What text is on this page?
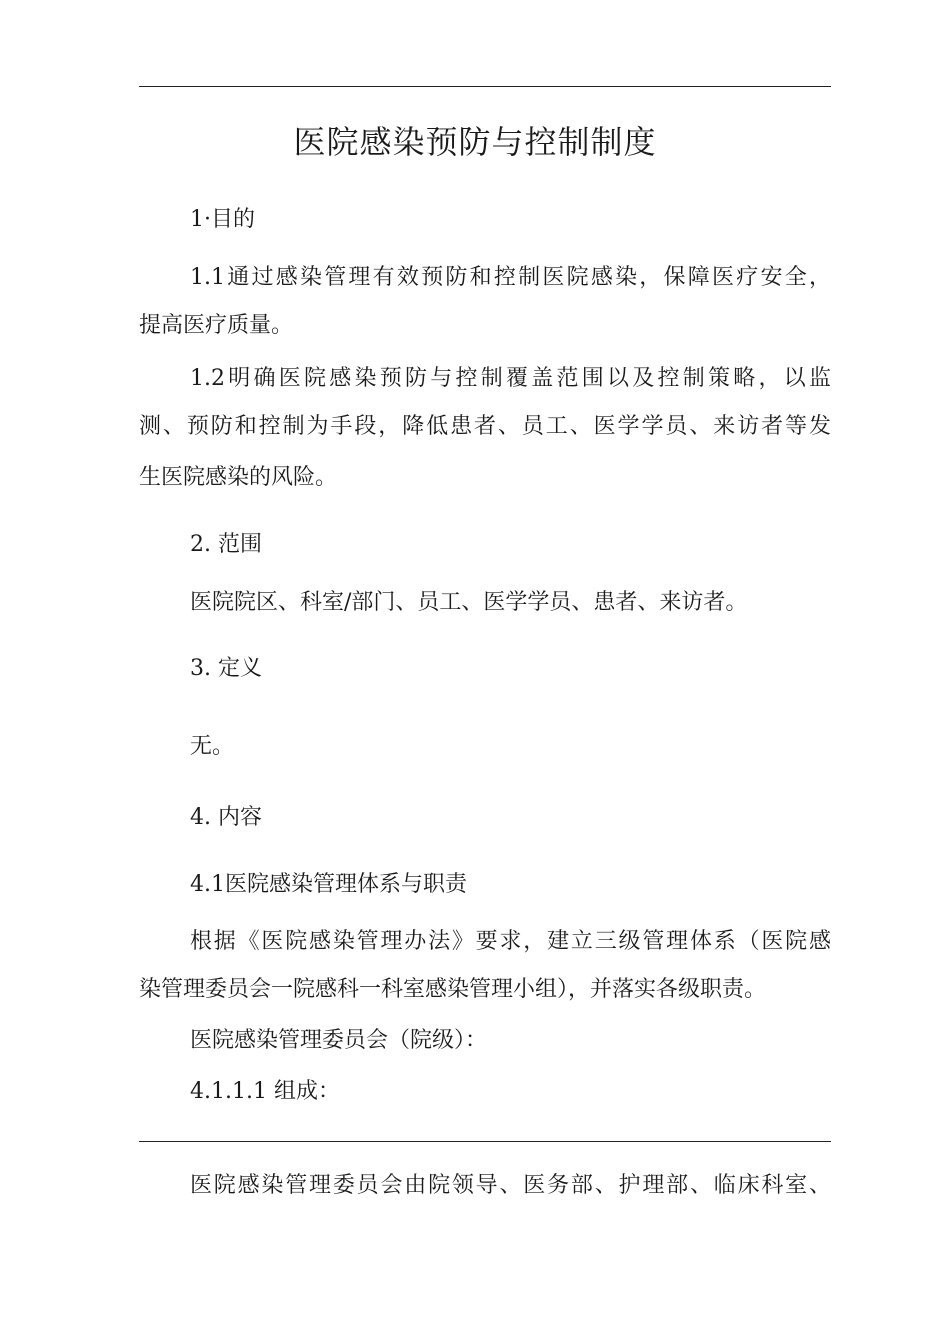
医院感染预防与控制制度
1·目的
1.1通过感染管理有效预防和控制医院感染，保障医疗安全，
提高医疗质量。
1.2明确医院感染预防与控制覆盖范围以及控制策略，以监
测、预防和控制为手段，降低患者、员工、医学学员、来访者等发
生医院感染的风险。
2. 范围
医院院区、科室/部门、员工、医学学员、患者、来访者。
3. 定义
无。
4. 内容
4.1医院感染管理体系与职责
根据《医院感染管理办法》要求，建立三级管理体系（医院感
染管理委员会一院感科一科室感染管理小组），并落实各级职责。
医院感染管理委员会（院级）：
4.1.1.1 组成：
医院感染管理委员会由院领导、医务部、护理部、临床科室、
